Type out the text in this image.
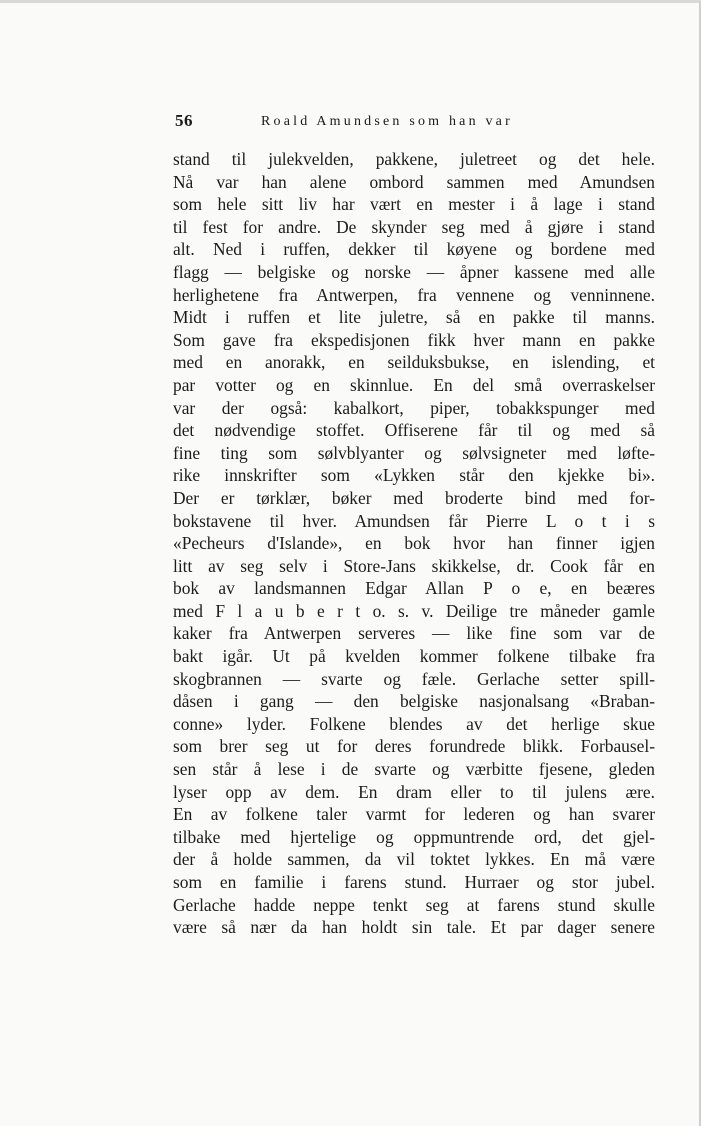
56	Roald Amundsen som han var
stand til julekvelden, pakkene, juletreet og det hele.
Nå var han alene ombord sammen med Amundsen
som hele sitt liv har vært en mester i å lage i stand
til fest for andre. De skynder seg med å gjøre i stand
alt. Ned i ruffen, dekker til køyene og bordene med
flagg — belgiske og norske — åpner kassene med alle
herlighetene fra Antwerpen, fra vennene og venninnene.
Midt i ruffen et lite juletre, så en pakke til manns.
Som gave fra ekspedisjonen fikk hver mann en pakke
med en anorakk, en seilduksbukse, en islending, et
par votter og en skinnlue. En del små overraskelser
var der også: kabalkort, piper, tobakkspunger med
det nødvendige stoffet. Offiserene får til og med så
fine ting som sølvblyanter og sølvsigneter med løfte-
rike innskrifter som «Lykken står den kjekke bi».
Der er tørklær, bøker med broderte bind med for-
bokstavene til hver. Amundsen får Pierre L o t i s
«Pecheurs d'Islande», en bok hvor han finner igjen
litt av seg selv i Store-Jans skikkelse, dr. Cook får en
bok av landsmannen Edgar Allan P o e, en beæres
med F l a u b e r t o. s. v. Deilige tre måneder gamle
kaker fra Antwerpen serveres — like fine som var de
bakt igår. Ut på kvelden kommer folkene tilbake fra
skogbrannen — svarte og fæle. Gerlache setter spill-
dåsen i gang — den belgiske nasjonalsang «Braban-
conne» lyder. Folkene blendes av det herlige skue
som brer seg ut for deres forundrede blikk. Forbausel-
sen står å lese i de svarte og værbitte fjesene, gleden
lyser opp av dem. En dram eller to til julens ære.
En av folkene taler varmt for lederen og han svarer
tilbake med hjertelige og oppmuntrende ord, det gjel-
der å holde sammen, da vil toktet lykkes. En må være
som en familie i farens stund. Hurraer og stor jubel.
Gerlache hadde neppe tenkt seg at farens stund skulle
være så nær da han holdt sin tale. Et par dager senere
